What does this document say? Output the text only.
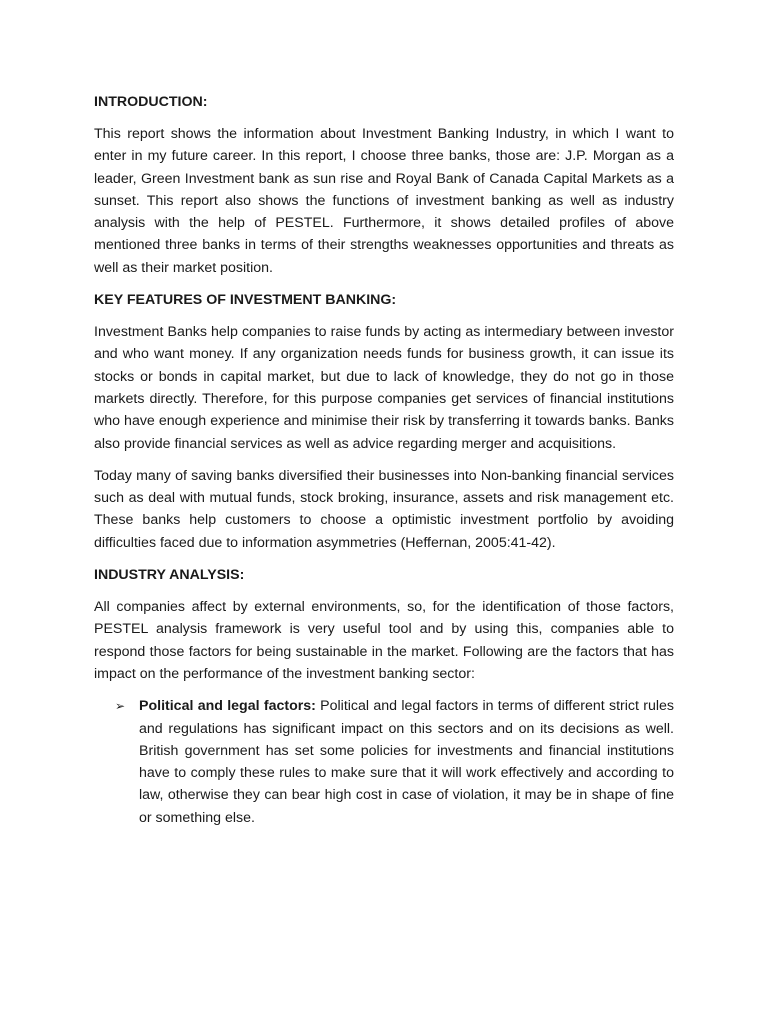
INTRODUCTION:

This report shows the information about Investment Banking Industry, in which I want to enter in my future career. In this report, I choose three banks, those are: J.P. Morgan as a leader, Green Investment bank as sun rise and Royal Bank of Canada Capital Markets as a sunset. This report also shows the functions of investment banking as well as industry analysis with the help of PESTEL. Furthermore, it shows detailed profiles of above mentioned three banks in terms of their strengths weaknesses opportunities and threats as well as their market position.

KEY FEATURES OF INVESTMENT BANKING:

Investment Banks help companies to raise funds by acting as intermediary between investor and who want money. If any organization needs funds for business growth, it can issue its stocks or bonds in capital market, but due to lack of knowledge, they do not go in those markets directly. Therefore, for this purpose companies get services of financial institutions who have enough experience and minimise their risk by transferring it towards banks. Banks also provide financial services as well as advice regarding merger and acquisitions.

Today many of saving banks diversified their businesses into Non-banking financial services such as deal with mutual funds, stock broking, insurance, assets and risk management etc. These banks help customers to choose a optimistic investment portfolio by avoiding difficulties faced due to information asymmetries (Heffernan, 2005:41-42).

INDUSTRY ANALYSIS:

All companies affect by external environments, so, for the identification of those factors, PESTEL analysis framework is very useful tool and by using this, companies able to respond those factors for being sustainable in the market. Following are the factors that has impact on the performance of the investment banking sector:

➢ Political and legal factors: Political and legal factors in terms of different strict rules and regulations has significant impact on this sectors and on its decisions as well. British government has set some policies for investments and financial institutions have to comply these rules to make sure that it will work effectively and according to law, otherwise they can bear high cost in case of violation, it may be in shape of fine or something else.
